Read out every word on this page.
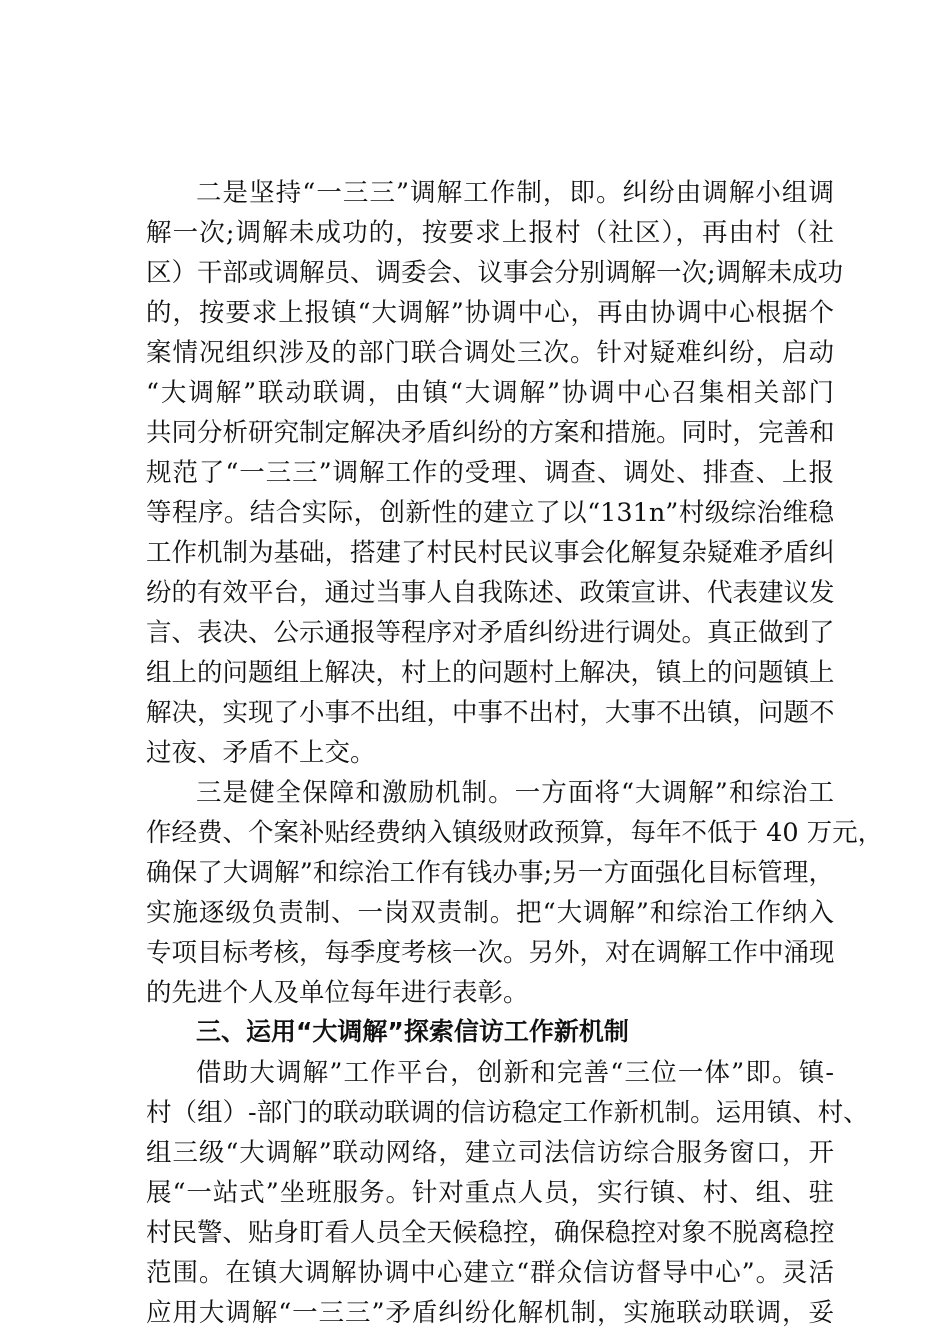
二是坚持“一三三”调解工作制，即。纠纷由调解小组调
解一次;调解未成功的，按要求上报村（社区），再由村（社
区）干部或调解员、调委会、议事会分别调解一次;调解未成功
的，按要求上报镇“大调解”协调中心，再由协调中心根据个
案情况组织涉及的部门联合调处三次。针对疑难纠纷，启动
“大调解”联动联调，由镇“大调解”协调中心召集相关部门
共同分析研究制定解决矛盾纠纷的方案和措施。同时，完善和
规范了“一三三”调解工作的受理、调查、调处、排查、上报
等程序。结合实际，创新性的建立了以“131n”村级综治维稳
工作机制为基础，搭建了村民村民议事会化解复杂疑难矛盾纠
纷的有效平台，通过当事人自我陈述、政策宣讲、代表建议发
言、表决、公示通报等程序对矛盾纠纷进行调处。真正做到了
组上的问题组上解决，村上的问题村上解决，镇上的问题镇上
解决，实现了小事不出组，中事不出村，大事不出镇，问题不
过夜、矛盾不上交。
三是健全保障和激励机制。一方面将“大调解”和综治工
作经费、个案补贴经费纳入镇级财政预算，每年不低于 40 万元，
确保了大调解”和综治工作有钱办事;另一方面强化目标管理，
实施逐级负责制、一岗双责制。把“大调解”和综治工作纳入
专项目标考核，每季度考核一次。另外，对在调解工作中涌现
的先进个人及单位每年进行表彰。
三、运用“大调解”探索信访工作新机制
借助大调解”工作平台，创新和完善“三位一体”即。镇-
村（组）-部门的联动联调的信访稳定工作新机制。运用镇、村、
组三级“大调解”联动网络，建立司法信访综合服务窗口，开
展“一站式”坐班服务。针对重点人员，实行镇、村、组、驻
村民警、贴身盯看人员全天候稳控，确保稳控对象不脱离稳控
范围。在镇大调解协调中心建立“群众信访督导中心”。灵活
应用大调解“一三三”矛盾纠纷化解机制，实施联动联调，妥
